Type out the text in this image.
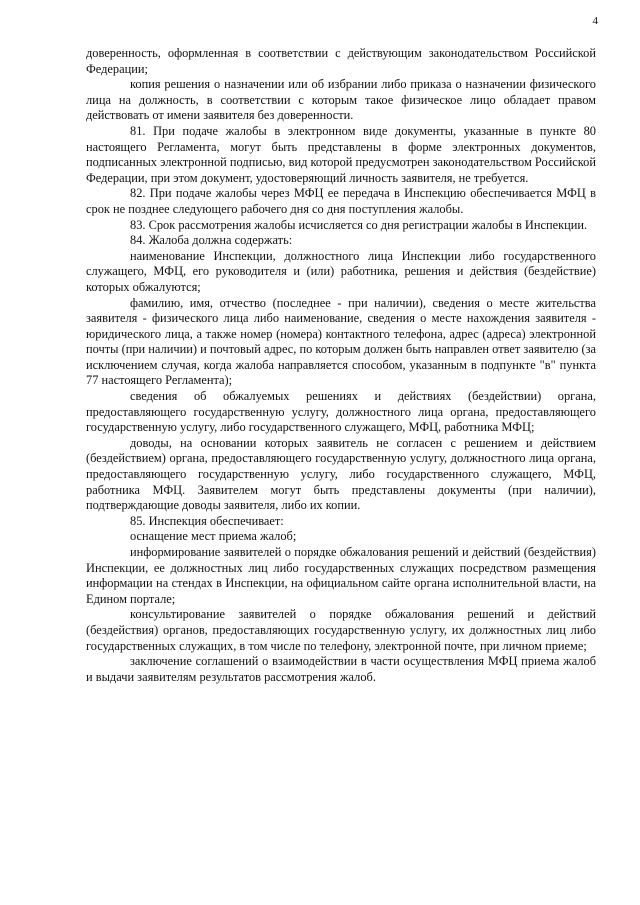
4

доверенность, оформленная в соответствии с действующим законодательством Российской Федерации;

копия решения о назначении или об избрании либо приказа о назначении физического лица на должность, в соответствии с которым такое физическое лицо обладает правом действовать от имени заявителя без доверенности.

81. При подаче жалобы в электронном виде документы, указанные в пункте 80 настоящего Регламента, могут быть представлены в форме электронных документов, подписанных электронной подписью, вид которой предусмотрен законодательством Российской Федерации, при этом документ, удостоверяющий личность заявителя, не требуется.

82. При подаче жалобы через МФЦ ее передача в Инспекцию обеспечивается МФЦ в срок не позднее следующего рабочего дня со дня поступления жалобы.

83. Срок рассмотрения жалобы исчисляется со дня регистрации жалобы в Инспекции.

84. Жалоба должна содержать:

наименование Инспекции, должностного лица Инспекции либо государственного служащего, МФЦ, его руководителя и (или) работника, решения и действия (бездействие) которых обжалуются;

фамилию, имя, отчество (последнее - при наличии), сведения о месте жительства заявителя - физического лица либо наименование, сведения о месте нахождения заявителя - юридического лица, а также номер (номера) контактного телефона, адрес (адреса) электронной почты (при наличии) и почтовый адрес, по которым должен быть направлен ответ заявителю (за исключением случая, когда жалоба направляется способом, указанным в подпункте "в" пункта 77 настоящего Регламента);

сведения об обжалуемых решениях и действиях (бездействии) органа, предоставляющего государственную услугу, должностного лица органа, предоставляющего государственную услугу, либо государственного служащего, МФЦ, работника МФЦ;

доводы, на основании которых заявитель не согласен с решением и действием (бездействием) органа, предоставляющего государственную услугу, должностного лица органа, предоставляющего государственную услугу, либо государственного служащего, МФЦ, работника МФЦ. Заявителем могут быть представлены документы (при наличии), подтверждающие доводы заявителя, либо их копии.

85. Инспекция обеспечивает:

оснащение мест приема жалоб;

информирование заявителей о порядке обжалования решений и действий (бездействия) Инспекции, ее должностных лиц либо государственных служащих посредством размещения информации на стендах в Инспекции, на официальном сайте органа исполнительной власти, на Едином портале;

консультирование заявителей о порядке обжалования решений и действий (бездействия) органов, предоставляющих государственную услугу, их должностных лиц либо государственных служащих, в том числе по телефону, электронной почте, при личном приеме;

заключение соглашений о взаимодействии в части осуществления МФЦ приема жалоб и выдачи заявителям результатов рассмотрения жалоб.
